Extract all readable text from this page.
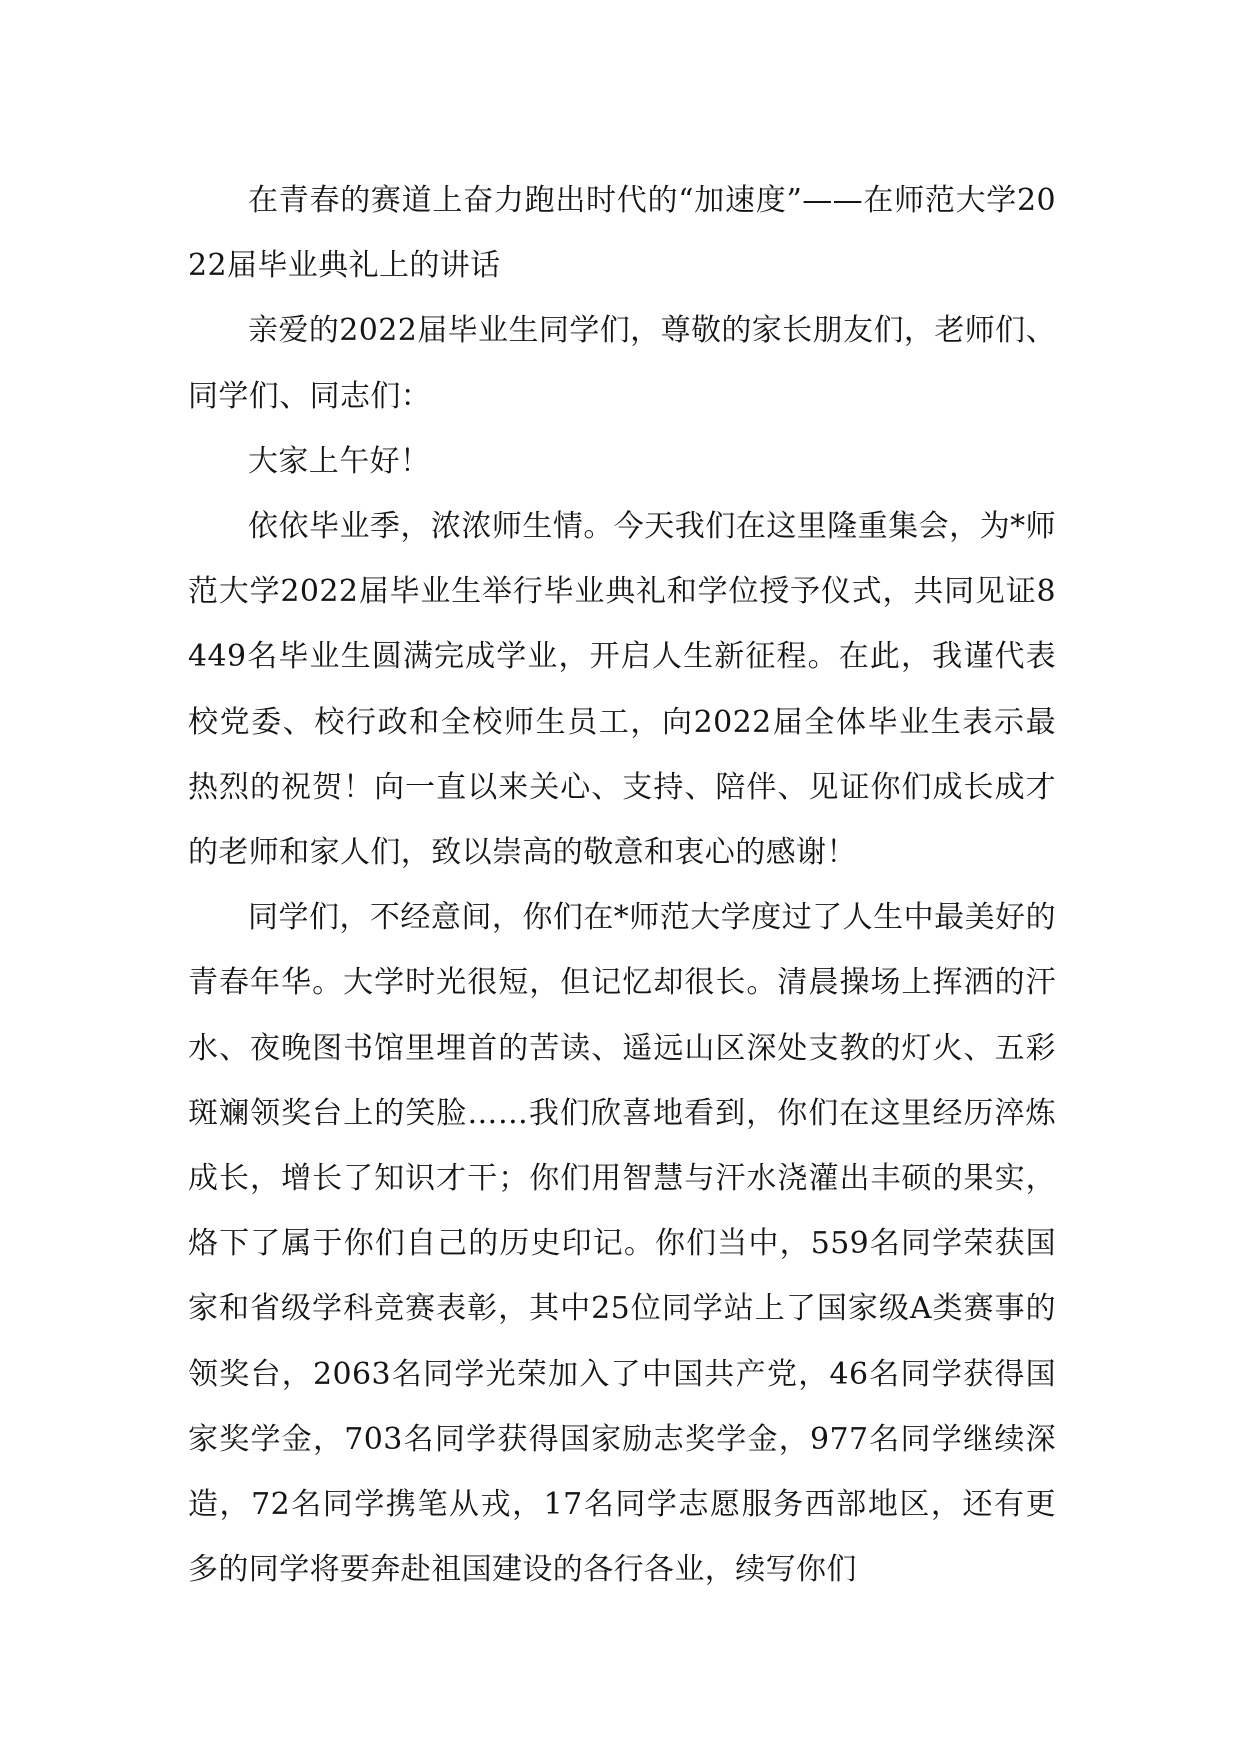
在青春的赛道上奋力跑出时代的“加速度”——在师范大学2022届毕业典礼上的讲话

亲爱的2022届毕业生同学们，尊敬的家长朋友们，老师们、同学们、同志们：

大家上午好！

依依毕业季，浓浓师生情。今天我们在这里隆重集会，为*师范大学2022届毕业生举行毕业典礼和学位授予仪式，共同见证8449名毕业生圆满完成学业，开启人生新征程。在此，我谨代表校党委、校行政和全校师生员工，向2022届全体毕业生表示最热烈的祝贺！向一直以来关心、支持、陪伴、见证你们成长成才的老师和家人们，致以崇高的敬意和衷心的感谢！

同学们，不经意间，你们在*师范大学度过了人生中最美好的青春年华。大学时光很短，但记忆却很长。清晨操场上挥洒的汗水、夜晚图书馆里埋首的苦读、遥远山区深处支教的灯火、五彩斑斓领奖台上的笑脸……我们欣喜地看到，你们在这里经历淬炼成长，增长了知识才干；你们用智慧与汗水浇灌出丰硕的果实，烙下了属于你们自己的历史印记。你们当中，559名同学荣获国家和省级学科竞赛表彰，其中25位同学站上了国家级A类赛事的领奖台，2063名同学光荣加入了中国共产党，46名同学获得国家奖学金，703名同学获得国家励志奖学金，977名同学继续深造，72名同学携笔从戎，17名同学志愿服务西部地区，还有更多的同学将要奔赴祖国建设的各行各业，续写你们
